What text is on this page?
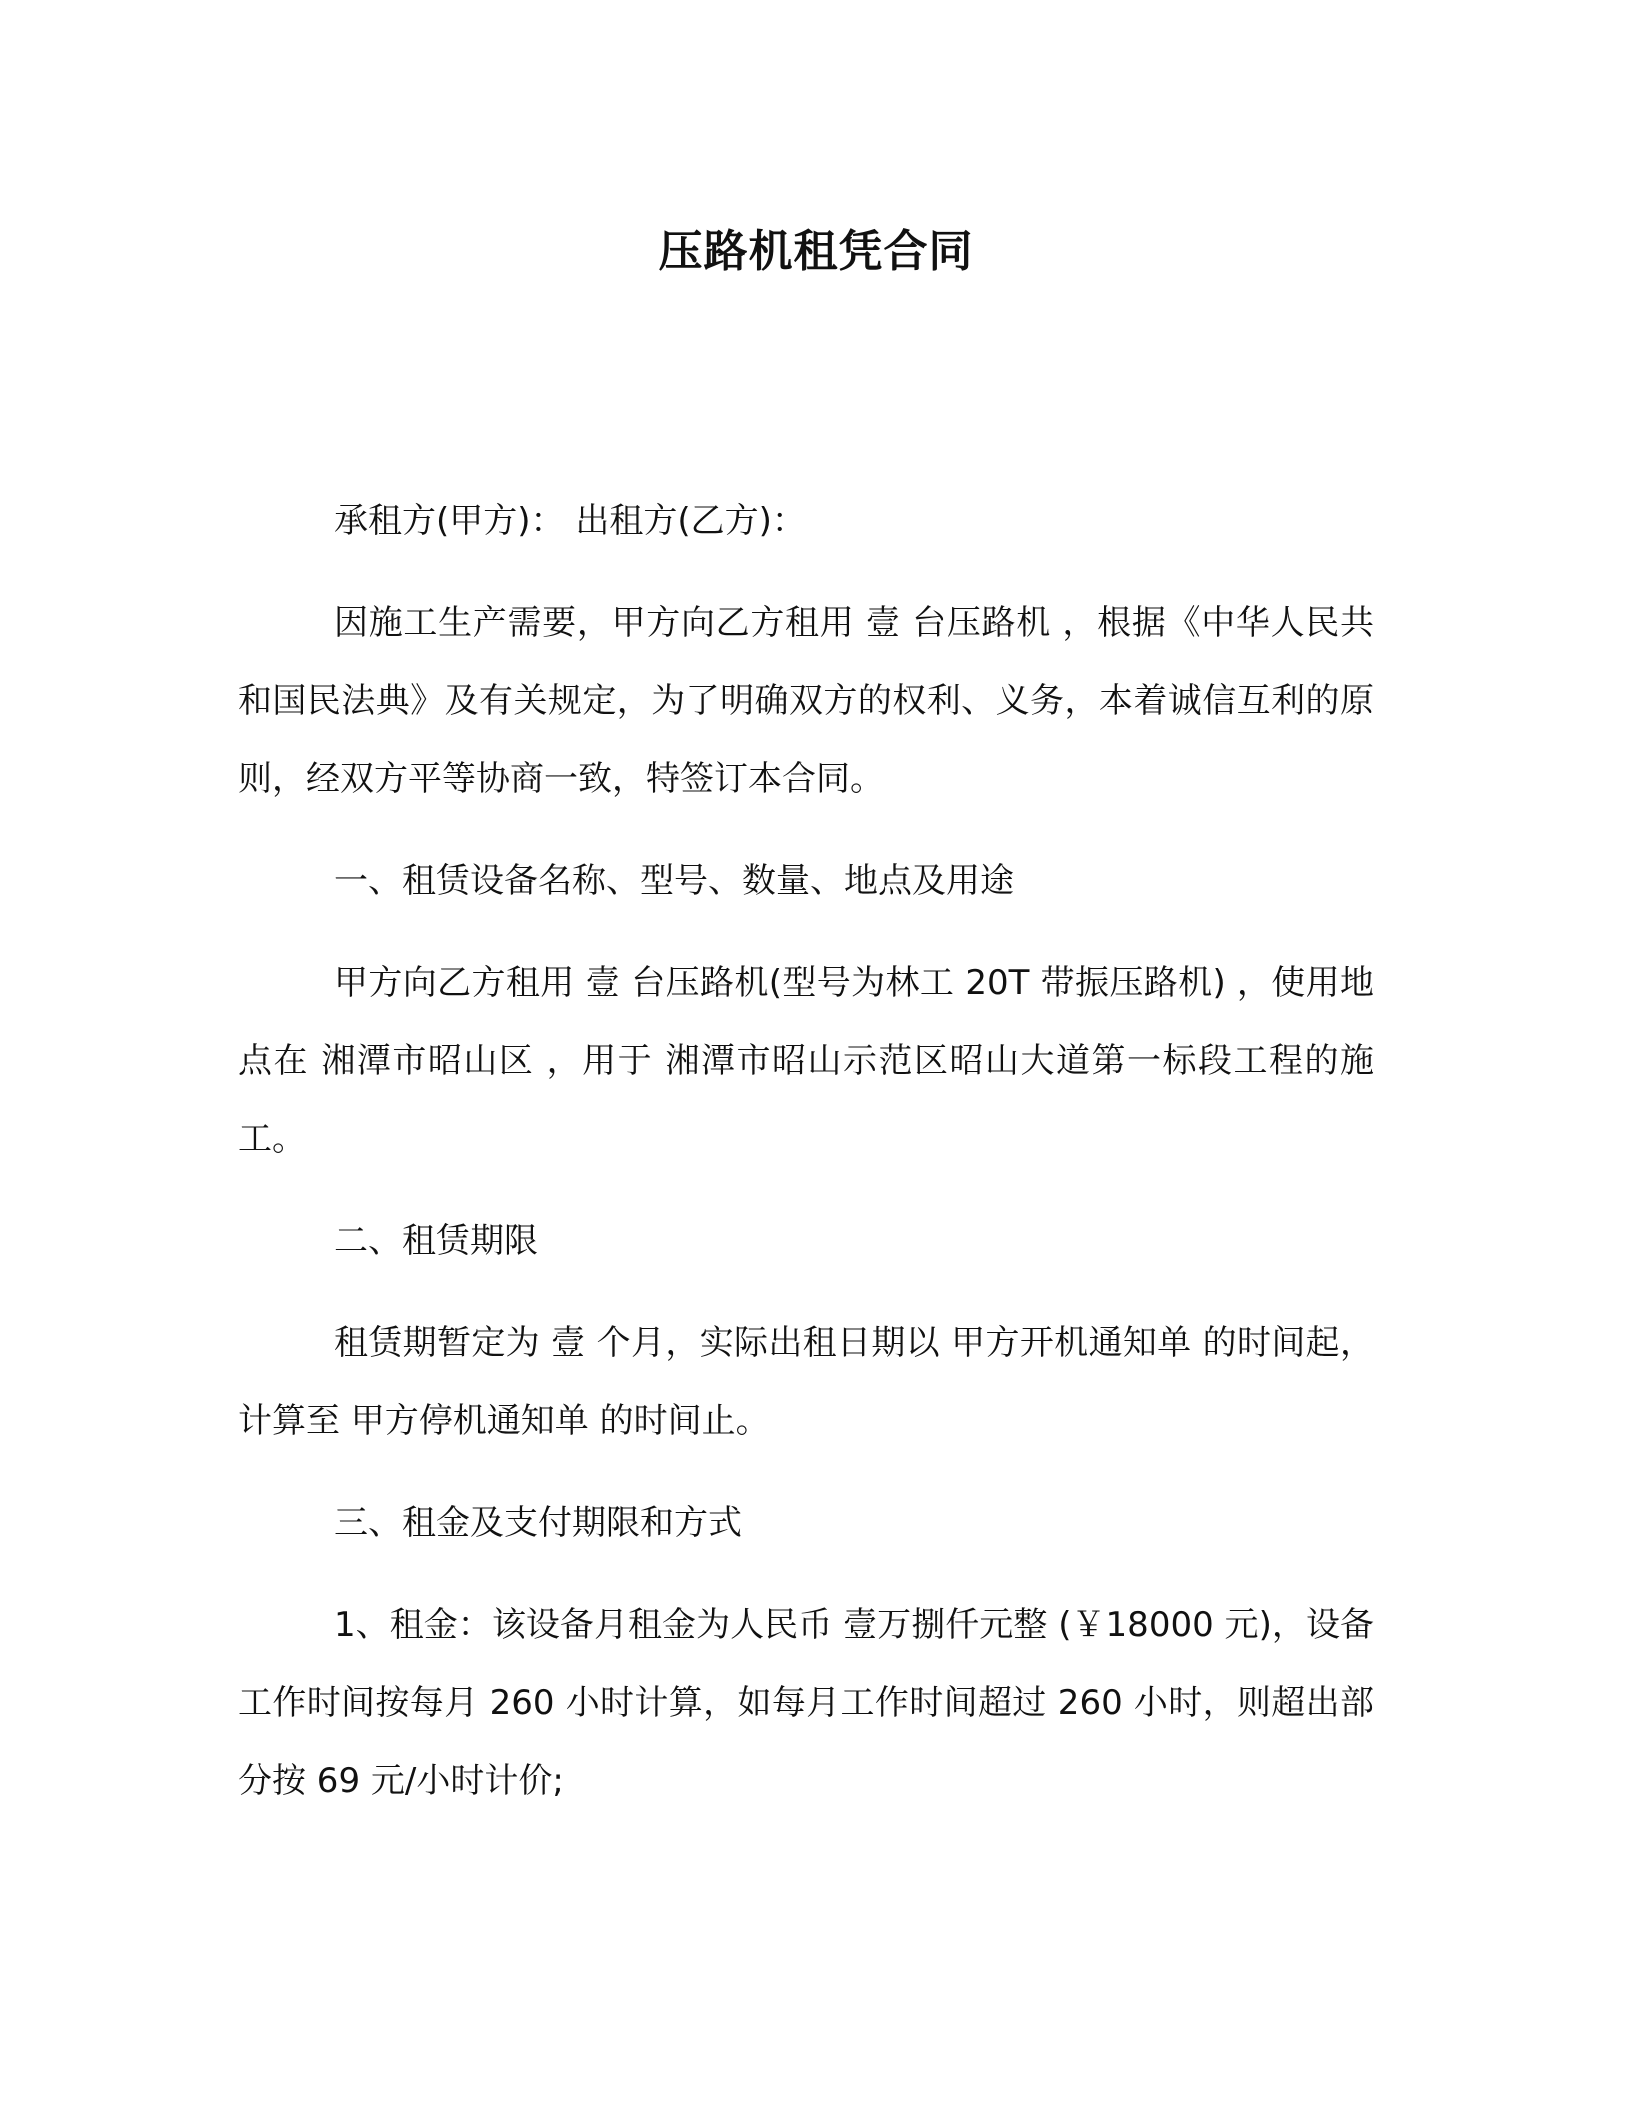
压路机租凭合同
承租方(甲方)： 出租方(乙方)：
因施工生产需要，甲方向乙方租用 壹 台压路机 ，根据《中华人民共和国民法典》及有关规定，为了明确双方的权利、义务，本着诚信互利的原则，经双方平等协商一致，特签订本合同。
一、租赁设备名称、型号、数量、地点及用途
甲方向乙方租用 壹 台压路机(型号为林工 20T 带振压路机) ，使用地点在 湘潭市昭山区 ，用于 湘潭市昭山示范区昭山大道第一标段工程的施工。
二、租赁期限
租赁期暂定为 壹 个月，实际出租日期以 甲方开机通知单 的时间起，计算至 甲方停机通知单 的时间止。
三、租金及支付期限和方式
1、租金：该设备月租金为人民币 壹万捌仟元整 (￥18000 元)，设备工作时间按每月 260 小时计算，如每月工作时间超过 260 小时，则超出部分按 69 元/小时计价;
